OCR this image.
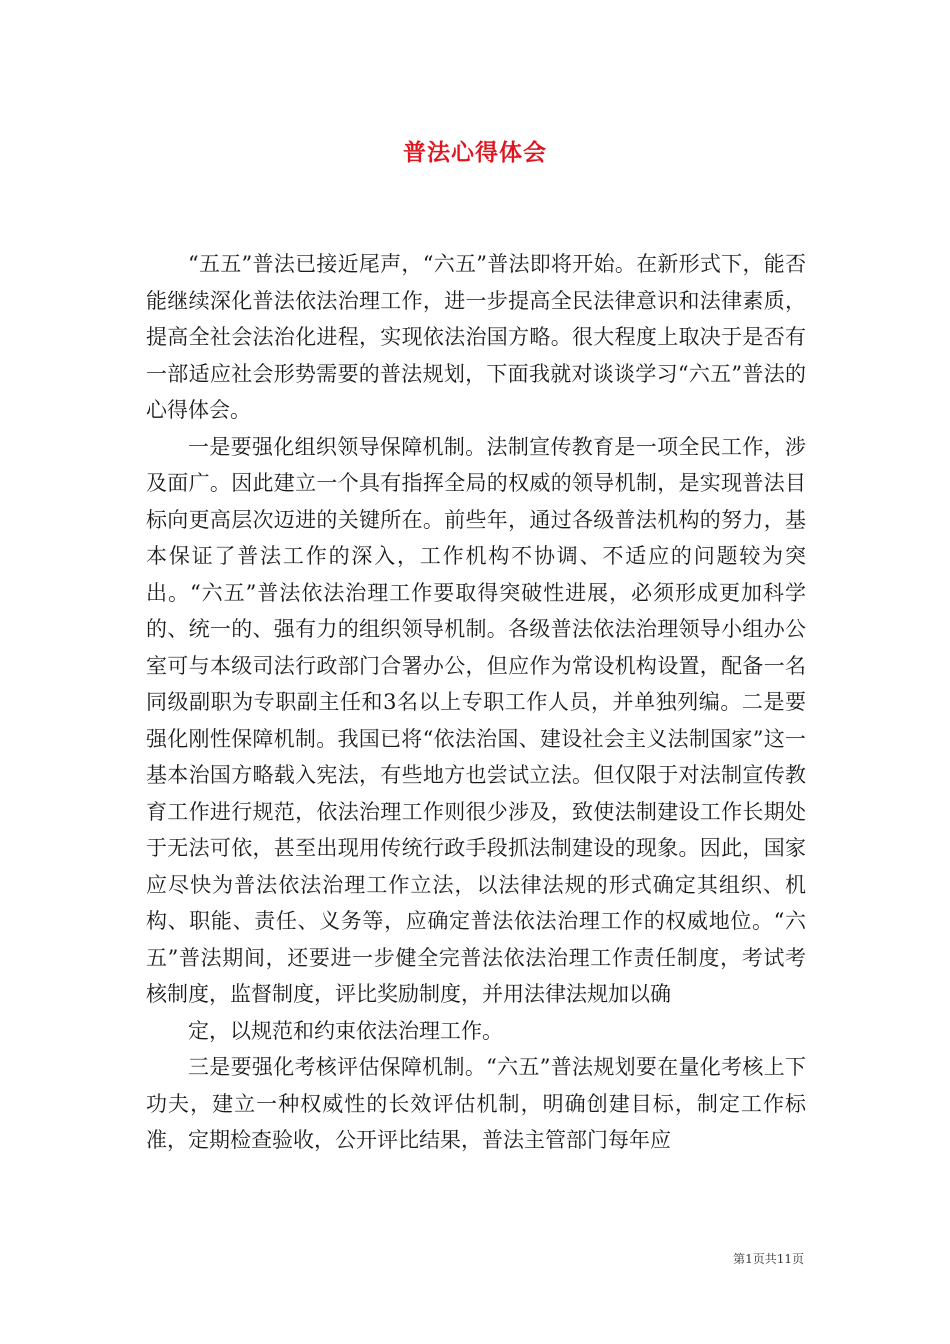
普法心得体会

“五五”普法已接近尾声，“六五”普法即将开始。在新形式下，能否能继续深化普法依法治理工作，进一步提高全民法律意识和法律素质，提高全社会法治化进程，实现依法治国方略。很大程度上取决于是否有一部适应社会形势需要的普法规划，下面我就对谈谈学习“六五”普法的心得体会。

一是要强化组织领导保障机制。法制宣传教育是一项全民工作，涉及面广。因此建立一个具有指挥全局的权威的领导机制，是实现普法目标向更高层次迈进的关键所在。前些年，通过各级普法机构的努力，基本保证了普法工作的深入，工作机构不协调、不适应的问题较为突出。“六五”普法依法治理工作要取得突破性进展，必须形成更加科学的、统一的、强有力的组织领导机制。各级普法依法治理领导小组办公室可与本级司法行政部门合署办公，但应作为常设机构设置，配备一名同级副职为专职副主任和3名以上专职工作人员，并单独列编。二是要强化刚性保障机制。我国已将“依法治国、建设社会主义法制国家”这一基本治国方略载入宪法，有些地方也尝试立法。但仅限于对法制宣传教育工作进行规范，依法治理工作则很少涉及，致使法制建设工作长期处于无法可依，甚至出现用传统行政手段抓法制建设的现象。因此，国家应尽快为普法依法治理工作立法，以法律法规的形式确定其组织、机构、职能、责任、义务等，应确定普法依法治理工作的权威地位。“六五”普法期间，还要进一步健全完普法依法治理工作责任制度，考试考核制度，监督制度，评比奖励制度，并用法律法规加以确

定，以规范和约束依法治理工作。

三是要强化考核评估保障机制。“六五”普法规划要在量化考核上下功夫，建立一种权威性的长效评估机制，明确创建目标，制定工作标准，定期检查验收，公开评比结果，普法主管部门每年应

第1页共11页
